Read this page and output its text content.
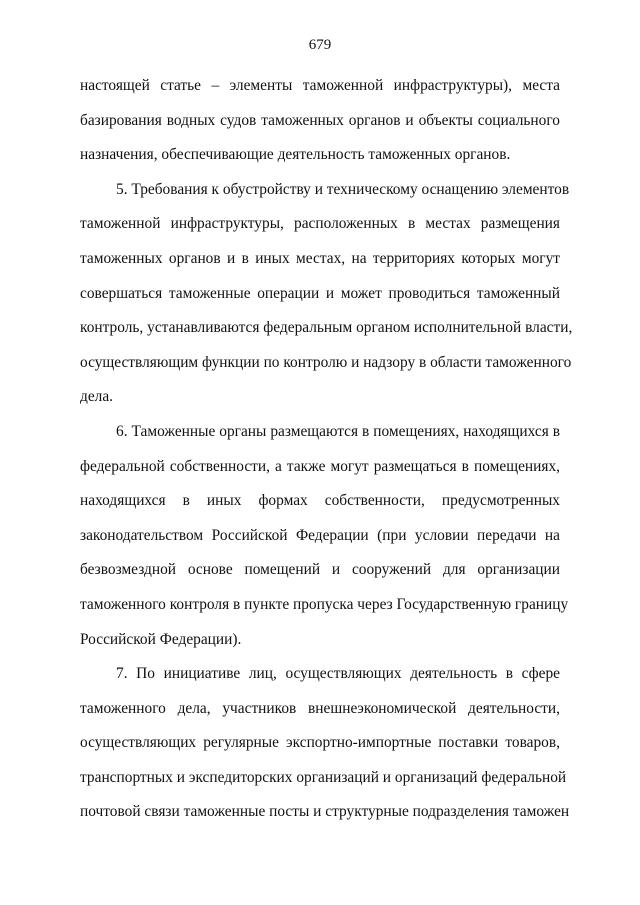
679
настоящей статье – элементы таможенной инфраструктуры), места
базирования водных судов таможенных органов и объекты социального
назначения, обеспечивающие деятельность таможенных органов.
5. Требования к обустройству и техническому оснащению элементов
таможенной инфраструктуры, расположенных в местах размещения
таможенных органов и в иных местах, на территориях которых могут
совершаться таможенные операции и может проводиться таможенный
контроль, устанавливаются федеральным органом исполнительной власти,
осуществляющим функции по контролю и надзору в области таможенного
дела.
6. Таможенные органы размещаются в помещениях, находящихся в
федеральной собственности, а также могут размещаться в помещениях,
находящихся в иных формах собственности, предусмотренных
законодательством Российской Федерации (при условии передачи на
безвозмездной основе помещений и сооружений для организации
таможенного контроля в пункте пропуска через Государственную границу
Российской Федерации).
7. По инициативе лиц, осуществляющих деятельность в сфере
таможенного дела, участников внешнеэкономической деятельности,
осуществляющих регулярные экспортно-импортные поставки товаров,
транспортных и экспедиторских организаций и организаций федеральной
почтовой связи таможенные посты и структурные подразделения таможен
